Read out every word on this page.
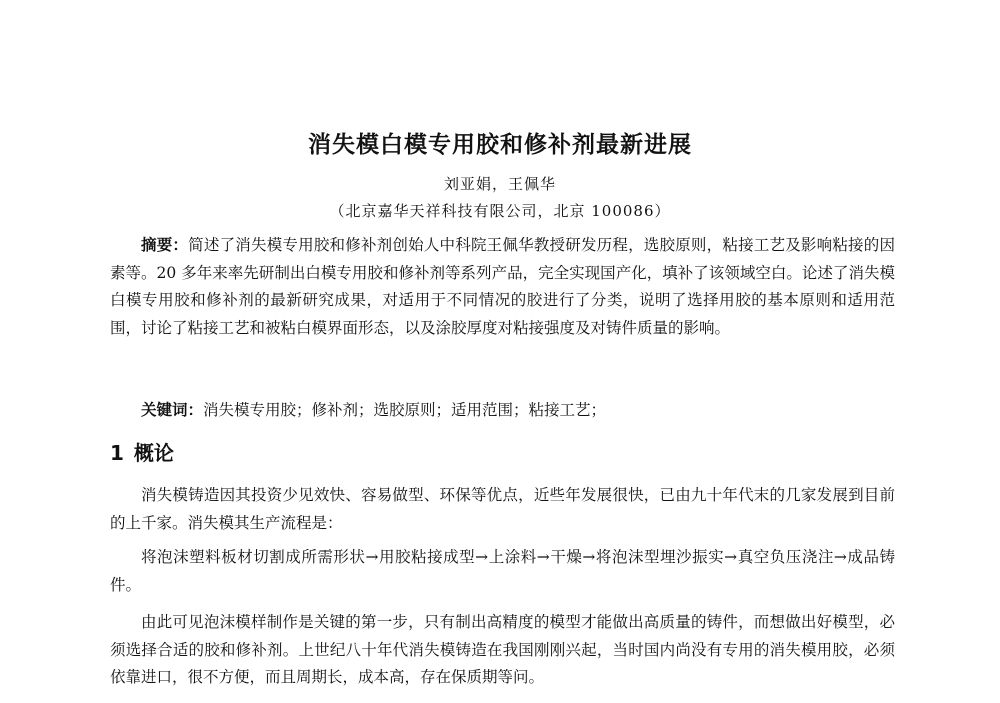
消失模白模专用胶和修补剂最新进展
刘亚娟，王佩华
（北京嘉华天祥科技有限公司，北京 100086）

摘要：简述了消失模专用胶和修补剂创始人中科院王佩华教授研发历程，选胶原则，粘接工艺及影响粘接的因素等。20 多年来率先研制出白模专用胶和修补剂等系列产品，完全实现国产化，填补了该领域空白。论述了消失模白模专用胶和修补剂的最新研究成果，对适用于不同情况的胶进行了分类，说明了选择用胶的基本原则和适用范围，讨论了粘接工艺和被粘白模界面形态，以及涂胶厚度对粘接强度及对铸件质量的影响。

关键词：消失模专用胶；修补剂；选胶原则；适用范围；粘接工艺；

1 概论

消失模铸造因其投资少见效快、容易做型、环保等优点，近些年发展很快，已由九十年代末的几家发展到目前的上千家。消失模其生产流程是：

将泡沫塑料板材切割成所需形状→用胶粘接成型→上涂料→干燥→将泡沫型埋沙振实→真空负压浇注→成品铸件。

由此可见泡沫模样制作是关键的第一步，只有制出高精度的模型才能做出高质量的铸件，而想做出好模型，必须选择合适的胶和修补剂。上世纪八十年代消失模铸造在我国刚刚兴起，当时国内尚没有专用的消失模用胶，必须依靠进口，很不方便，而且周期长，成本高，存在保质期等问。
